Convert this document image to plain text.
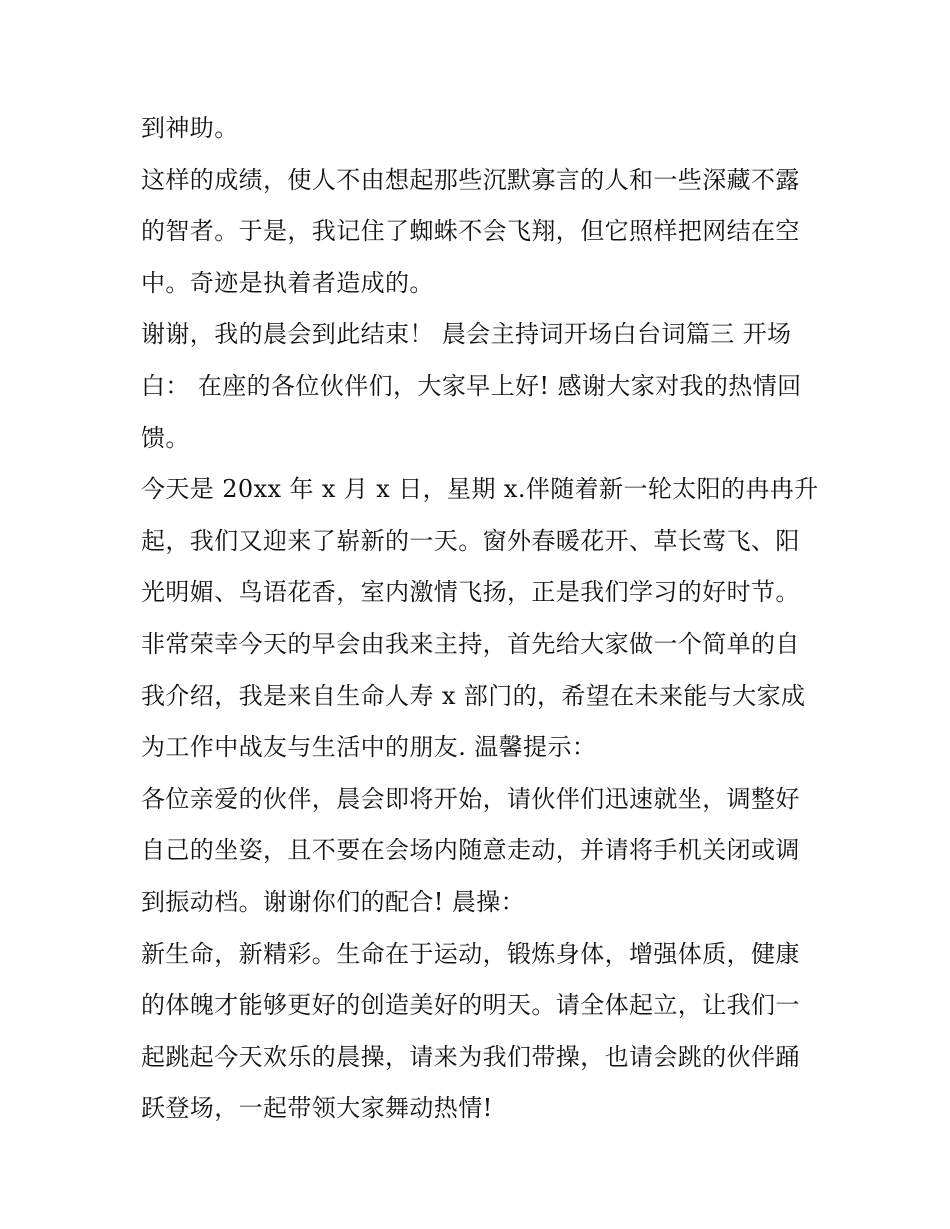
到神助。
这样的成绩，使人不由想起那些沉默寡言的人和一些深藏不露
的智者。于是，我记住了蜘蛛不会飞翔，但它照样把网结在空
中。奇迹是执着者造成的。
谢谢，我的晨会到此结束！ 晨会主持词开场白台词篇三 开场
白： 在座的各位伙伴们，大家早上好! 感谢大家对我的热情回
馈。
今天是 20xx 年 x 月 x 日，星期 x.伴随着新一轮太阳的冉冉升
起，我们又迎来了崭新的一天。窗外春暖花开、草长莺飞、阳
光明媚、鸟语花香，室内激情飞扬，正是我们学习的好时节。
非常荣幸今天的早会由我来主持，首先给大家做一个简单的自
我介绍，我是来自生命人寿 x 部门的，希望在未来能与大家成
为工作中战友与生活中的朋友. 温馨提示：
各位亲爱的伙伴，晨会即将开始，请伙伴们迅速就坐，调整好
自己的坐姿，且不要在会场内随意走动，并请将手机关闭或调
到振动档。谢谢你们的配合! 晨操：
新生命，新精彩。生命在于运动，锻炼身体，增强体质，健康
的体魄才能够更好的创造美好的明天。请全体起立，让我们一
起跳起今天欢乐的晨操，请来为我们带操，也请会跳的伙伴踊
跃登场，一起带领大家舞动热情!
